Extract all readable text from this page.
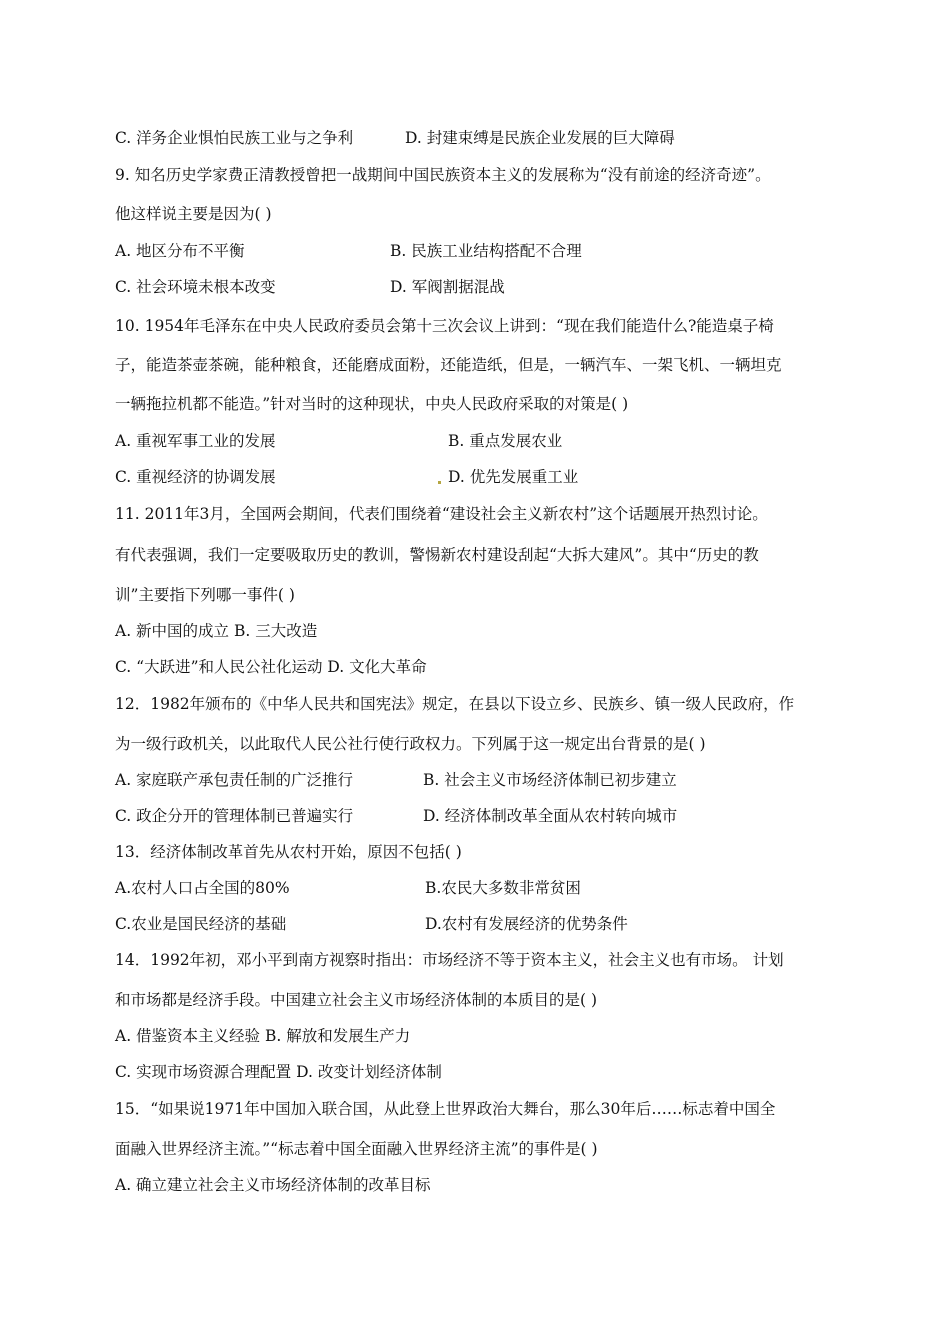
C. 洋务企业惧怕民族工业与之争利	D. 封建束缚是民族企业发展的巨大障碍
9. 知名历史学家费正清教授曾把一战期间中国民族资本主义的发展称为“没有前途的经济奇迹”。
他这样说主要是因为( )
A. 地区分布不平衡	B. 民族工业结构搭配不合理
C. 社会环境未根本改变	D. 军阀割据混战
10. 1954年毛泽东在中央人民政府委员会第十三次会议上讲到：“现在我们能造什么?能造桌子椅
子，能造茶壶茶碗，能种粮食，还能磨成面粉，还能造纸，但是，一辆汽车、一架飞机、一辆坦克
一辆拖拉机都不能造。”针对当时的这种现状，中央人民政府采取的对策是( )
A. 重视军事工业的发展	B. 重点发展农业
C. 重视经济的协调发展	D. 优先发展重工业
11. 2011年3月，全国两会期间，代表们围绕着“建设社会主义新农村”这个话题展开热烈讨论。
有代表强调，我们一定要吸取历史的教训，警惕新农村建设刮起“大拆大建风”。其中“历史的教
训”主要指下列哪一事件( )
A. 新中国的成立 B. 三大改造
C. “大跃进”和人民公社化运动 D. 文化大革命
12．1982年颁布的《中华人民共和国宪法》规定，在县以下设立乡、民族乡、镇一级人民政府，作
为一级行政机关，以此取代人民公社行使行政权力。下列属于这一规定出台背景的是( )
A. 家庭联产承包责任制的广泛推行	B. 社会主义市场经济体制已初步建立
C. 政企分开的管理体制已普遍实行	D. 经济体制改革全面从农村转向城市
13．经济体制改革首先从农村开始，原因不包括( )
A.农村人口占全国的80%	B.农民大多数非常贫困
C.农业是国民经济的基础	D.农村有发展经济的优势条件
14．1992年初，邓小平到南方视察时指出：市场经济不等于资本主义，社会主义也有市场。 计划
和市场都是经济手段。中国建立社会主义市场经济体制的本质目的是( )
A. 借鉴资本主义经验 B. 解放和发展生产力
C. 实现市场资源合理配置 D. 改变计划经济体制
15．“如果说1971年中国加入联合国，从此登上世界政治大舞台，那么30年后……标志着中国全
面融入世界经济主流。”“标志着中国全面融入世界经济主流”的事件是( )
A. 确立建立社会主义市场经济体制的改革目标
